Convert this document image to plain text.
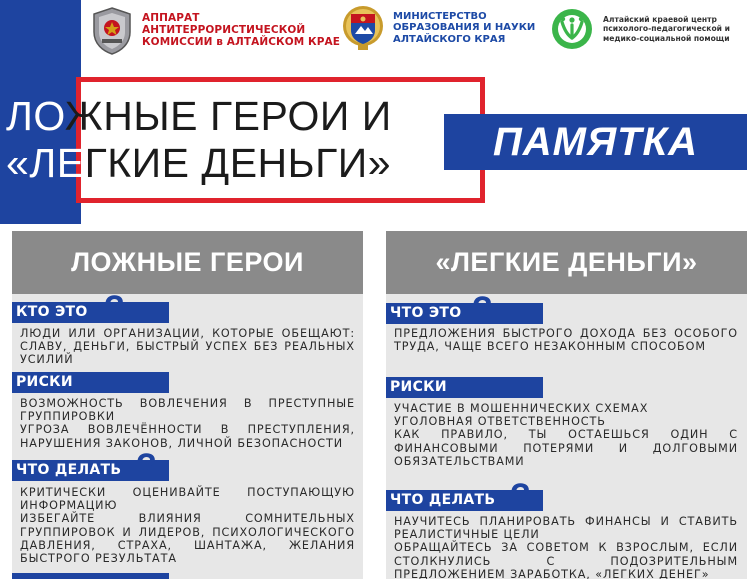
АППАРАТ
АНТИТЕРРОРИСТИЧЕСКОЙ
КОМИССИИ в АЛТАЙСКОМ КРАЕ
МИНИСТЕРСТВО
ОБРАЗОВАНИЯ И НАУКИ
АЛТАЙСКОГО КРАЯ
Алтайский краевой центр
психолого-педагогической и
медико-социальной помощи
ЛОЖНЫЕ ГЕРОИ И
«ЛЕГКИЕ ДЕНЬГИ»	ПАМЯТКА
ЛОЖНЫЕ ГЕРОИ
КТО ЭТО ?
ЛЮДИ ИЛИ ОРГАНИЗАЦИИ, КОТОРЫЕ ОБЕЩАЮТ: СЛАВУ, ДЕНЬГИ, БЫСТРЫЙ УСПЕХ БЕЗ РЕАЛЬНЫХ УСИЛИЙ
РИСКИ

ВОЗМОЖНОСТЬ ВОВЛЕЧЕНИЯ В ПРЕСТУПНЫЕ ГРУППИРОВКИ

УГРОЗА ВОВЛЕЧЁННОСТИ В ПРЕСТУПЛЕНИЯ, НАРУШЕНИЯ ЗАКОНОВ, ЛИЧНОЙ БЕЗОПАСНОСТИ

ЧТО ДЕЛАТЬ ?

КРИТИЧЕСКИ ОЦЕНИВАЙТЕ ПОСТУПАЮЩУЮ ИНФОРМАЦИЮ

ИЗБЕГАЙТЕ ВЛИЯНИЯ СОМНИТЕЛЬНЫХ ГРУППИРОВОК И ЛИДЕРОВ, ПСИХОЛОГИЧЕСКОГО ДАВЛЕНИЯ, СТРАХА, ШАНТАЖА, ЖЕЛАНИЯ БЫСТРОГО РЕЗУЛЬТАТА

«ЛЕГКИЕ ДЕНЬГИ»
ЧТО ЭТО ?
ПРЕДЛОЖЕНИЯ БЫСТРОГО ДОХОДА БЕЗ ОСОБОГО ТРУДА, ЧАЩЕ ВСЕГО НЕЗАКОННЫМ СПОСОБОМ
РИСКИ

УЧАСТИЕ В МОШЕННИЧЕСКИХ СХЕМАХ

УГОЛОВНАЯ ОТВЕТСТВЕННОСТЬ

КАК ПРАВИЛО, ТЫ ОСТАЕШЬСЯ ОДИН С ФИНАНСОВЫМИ ПОТЕРЯМИ И ДОЛГОВЫМИ ОБЯЗАТЕЛЬСТВАМИ

ЧТО ДЕЛАТЬ ?

НАУЧИТЕСЬ ПЛАНИРОВАТЬ ФИНАНСЫ И СТАВИТЬ РЕАЛИСТИЧНЫЕ ЦЕЛИ

ОБРАЩАЙТЕСЬ ЗА СОВЕТОМ К ВЗРОСЛЫМ, ЕСЛИ СТОЛКНУЛИСЬ С ПОДОЗРИТЕЛЬНЫМ ПРЕДЛОЖЕНИЕМ ЗАРАБОТКА, «ЛЕГКИХ ДЕНЕГ»
